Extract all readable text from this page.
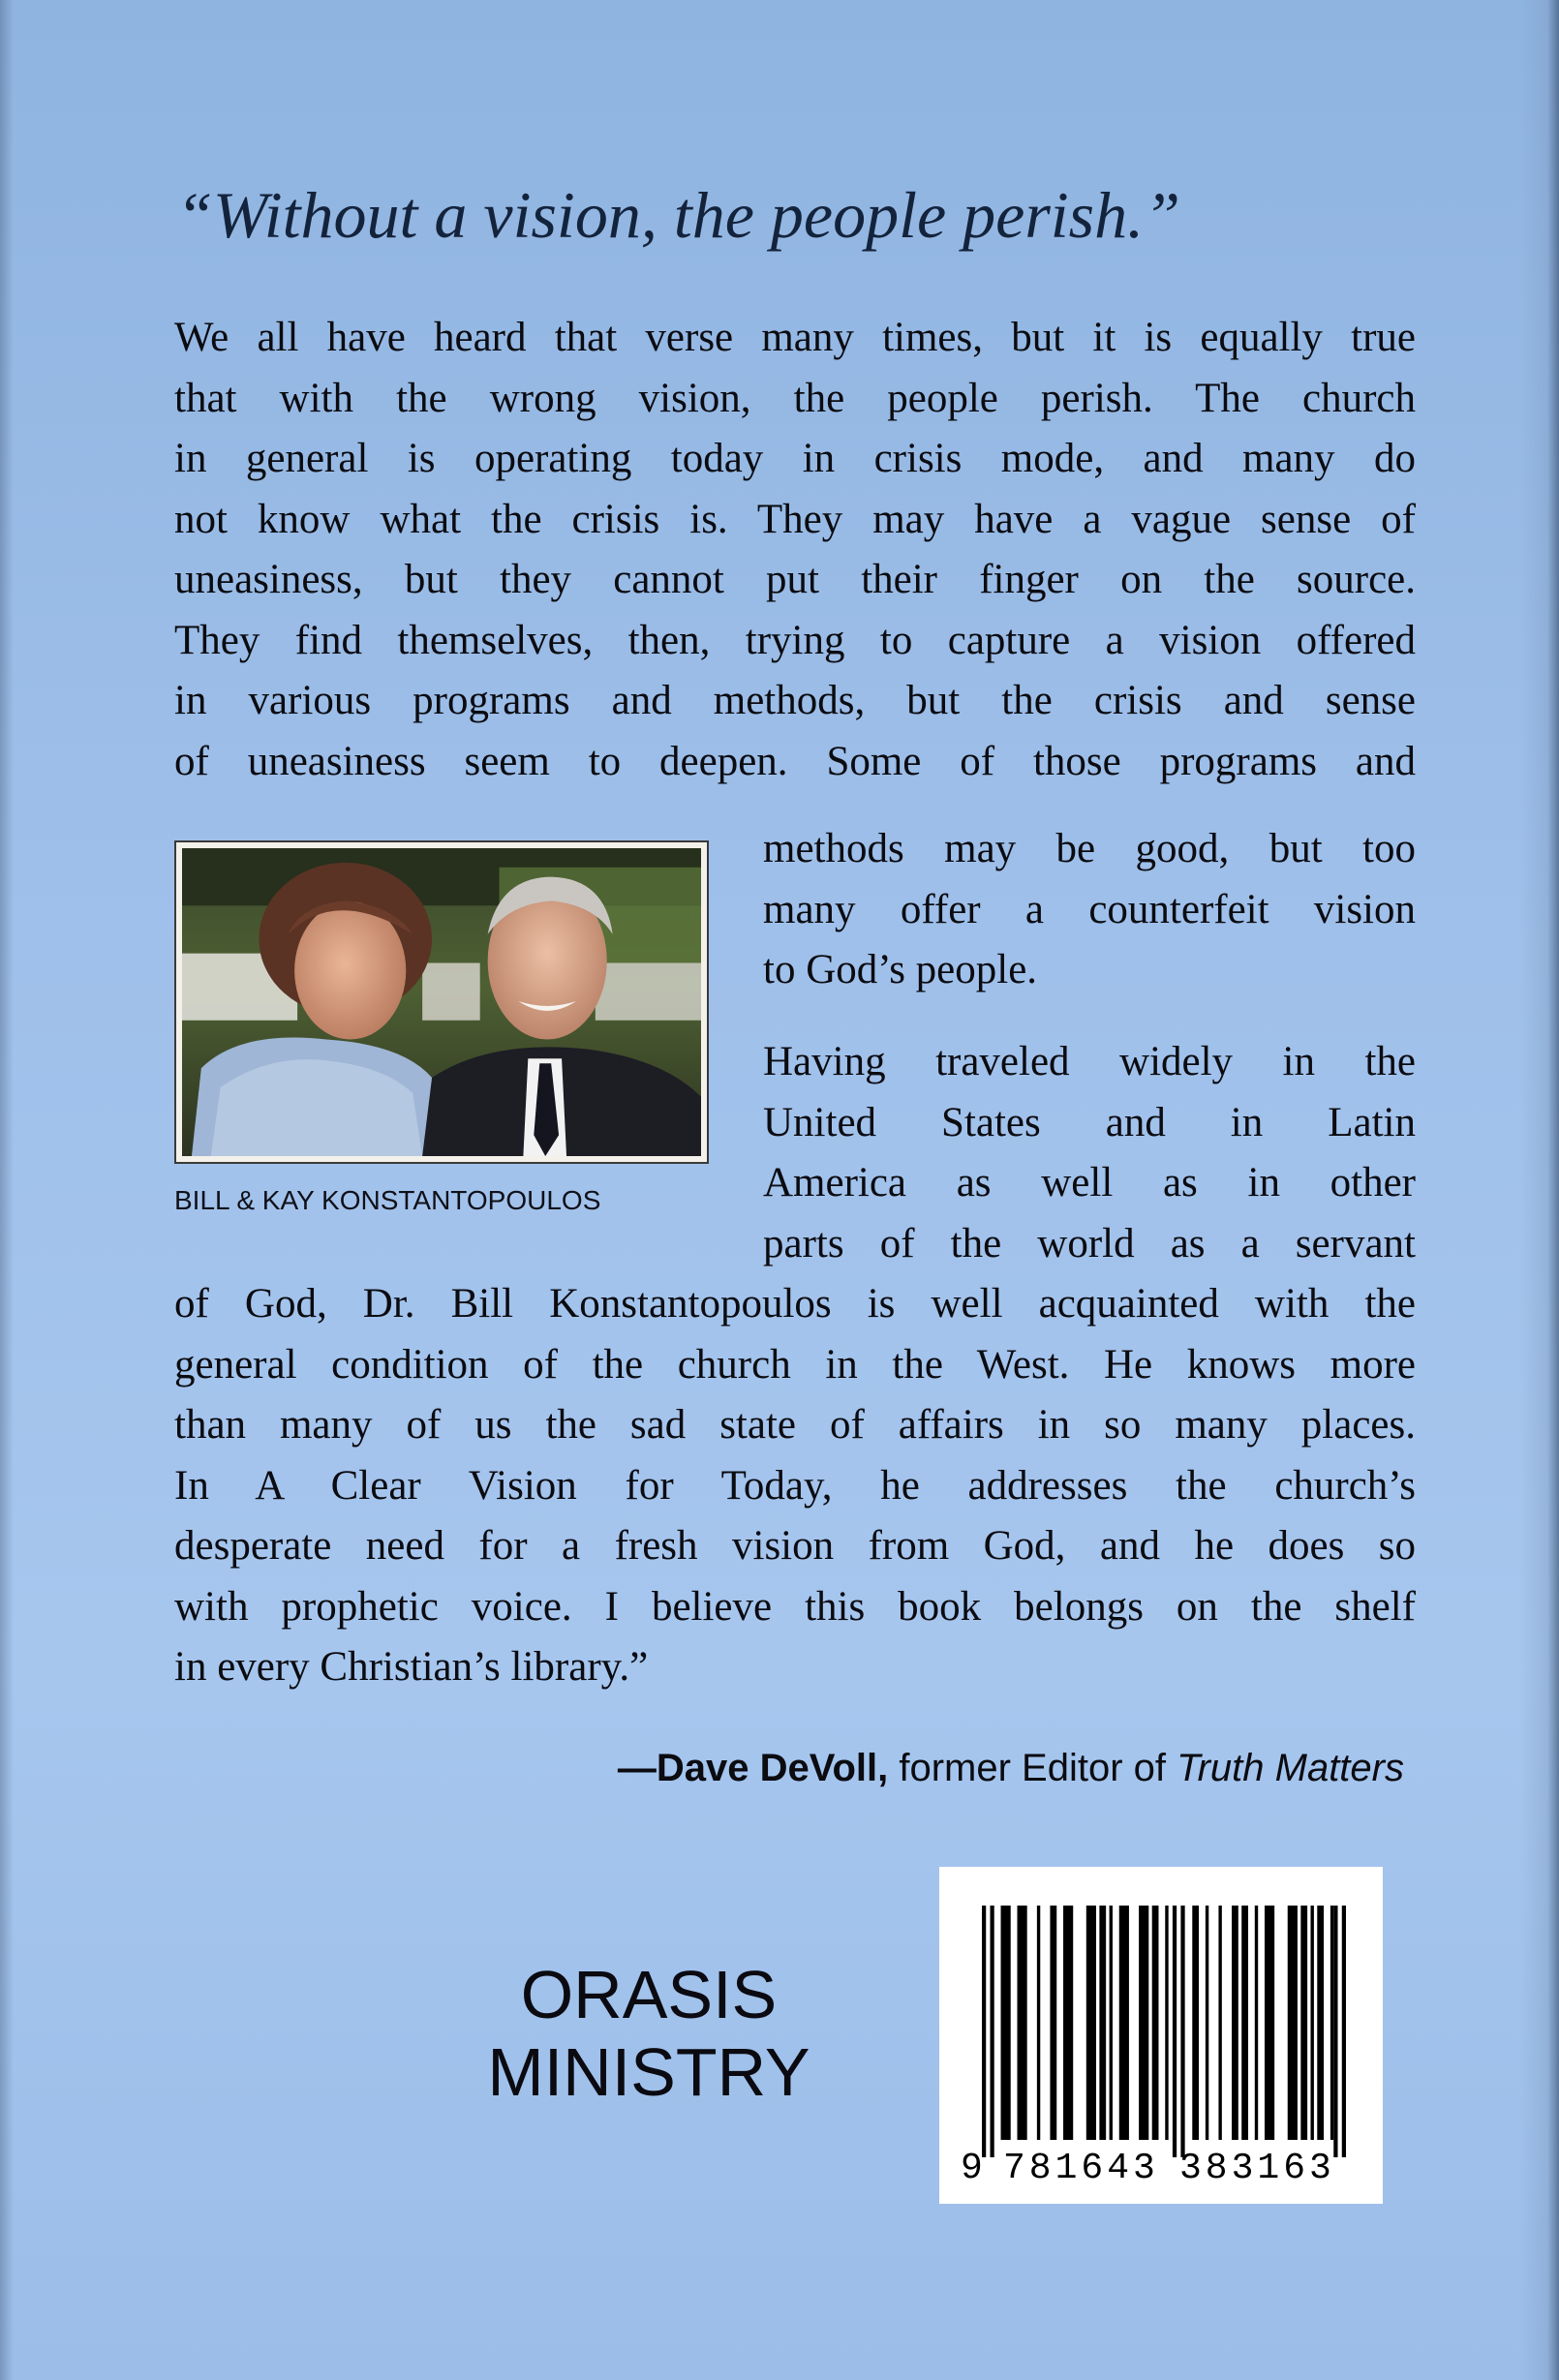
“Without a vision, the people perish.”
We all have heard that verse many times, but it is equally true
that with the wrong vision, the people perish. The church
in general is operating today in crisis mode, and many do
not know what the crisis is. They may have a vague sense of
uneasiness, but they cannot put their finger on the source.
They find themselves, then, trying to capture a vision offered
in various programs and methods, but the crisis and sense
of uneasiness seem to deepen. Some of those programs and
methods may be good, but too
many offer a counterfeit vision
to God’s people.
BILL & KAY KONSTANTOPOULOS
Having traveled widely in the
United States and in Latin
America as well as in other
parts of the world as a servant
of God, Dr. Bill Konstantopoulos is well acquainted with the
general condition of the church in the West. He knows more
than many of us the sad state of affairs in so many places.
In A Clear Vision for Today, he addresses the church’s
desperate need for a fresh vision from God, and he does so
with prophetic voice. I believe this book belongs on the shelf
in every Christian’s library.”
—Dave DeVoll, former Editor of Truth Matters
ORASIS
MINISTRY
9 781643 383163
